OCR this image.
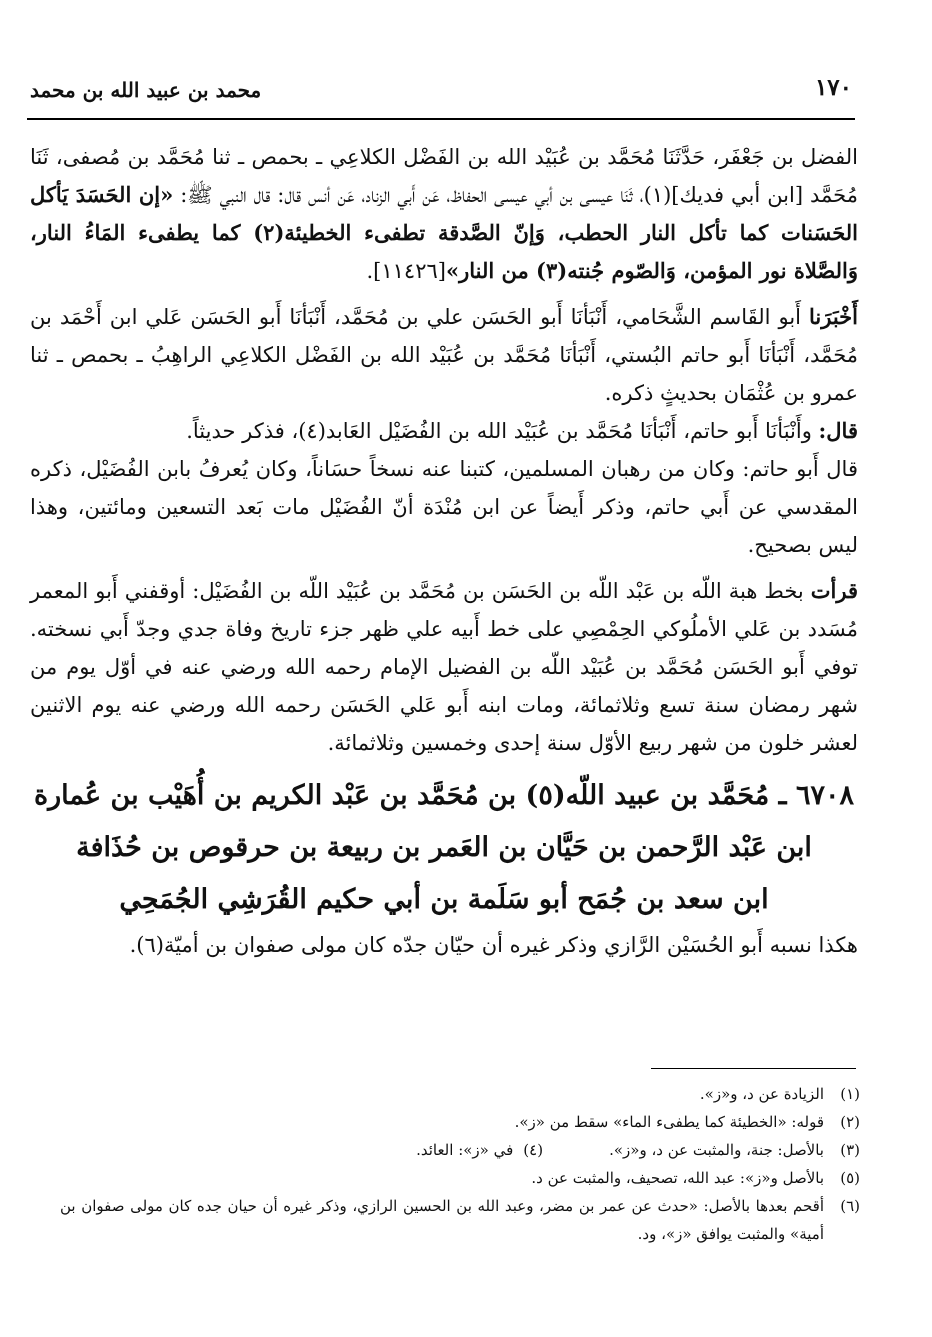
١٧٠
محمد بن عبيد الله بن محمد

الفضل بن جَعْفَر، حَدَّثَنَا مُحَمَّد بن عُبَيْد الله بن الفَضْل الكلاعِي ـ بحمص ـ ثنا مُحَمَّد بن مُصفى، ثَنَا مُحَمَّد [ابن أبي فديك](١)، ثَنَا عيسى بن أبي عيسى الحفاظ، عَن أَبي الزناد، عَن أنس قال: قال النبي ﷺ: «إن الحَسَدَ يَأكل الحَسَنات كما تأكل النار الحطب، وَإنّ الصَّدقة تطفىء الخطيئة(٢) كما يطفىء المَاءُ النار، وَالصَّلاة نور المؤمن، وَالصّوم جُنته(٣) من النار»[١١٤٢٦].

أَخْبَرَنا أَبو القَاسم الشَّحَامي، أَنْبَأنَا أَبو الحَسَن علي بن مُحَمَّد، أَنْبَأنَا أَبو الحَسَن عَلي ابن أَحْمَد بن مُحَمَّد، أَنْبَأنَا أَبو حاتم البُستي، أَنْبَأنَا مُحَمَّد بن عُبَيْد الله بن الفَضْل الكلاعِي الراهِبُ ـ بحمص ـ ثنا عمرو بن عُثْمَان بحديثٍ ذكره.

قال: وأَنْبَأنَا أَبو حاتم، أَنْبَأنَا مُحَمَّد بن عُبَيْد الله بن الفُضَيْل العَابد(٤)، فذكر حديثاً.

قال أَبو حاتم: وكان من رهبان المسلمين، كتبنا عنه نسخاً حسَاناً، وكان يُعرفُ بابن الفُضَيْل، ذكره المقدسي عن أَبي حاتم، وذكر أَيضاً عن ابن مُنْدَة أنّ الفُضَيْل مات بَعد التسعين ومائتين، وهذا ليس بصحيح.

قرأت بخط هبة اللّه بن عَبْد اللّه بن الحَسَن بن مُحَمَّد بن عُبَيْد اللّه بن الفُضَيْل: أوقفني أَبو المعمر مُسَدد بن عَلي الأملُوكي الحِمْصِي على خط أَبيه علي ظهر جزء تاريخ وفاة جدي وجدّ أَبي نسخته. توفي أَبو الحَسَن مُحَمَّد بن عُبَيْد اللّه بن الفضيل الإمام رحمه الله ورضي عنه في أوّل يوم من شهر رمضان سنة تسع وثلاثمائة، ومات ابنه أَبو عَلي الحَسَن رحمه الله ورضي عنه يوم الاثنين لعشر خلون من شهر ربيع الأوّل سنة إحدى وخمسين وثلاثمائة.

٦٧٠٨ ـ مُحَمَّد بن عبيد اللّه(٥) بن مُحَمَّد بن عَبْد الكريم بن أُهَيْب بن عُمارة
ابن عَبْد الرَّحمن بن حَيَّان بن العَمر بن ربيعة بن حرقوص بن حُذَافة
ابن سعد بن جُمَح أبو سَلَمة بن أبي حكيم القُرَشِي الجُمَحِي

هكذا نسبه أَبو الحُسَيْن الرَّازي وذكر غيره أن حيّان جدّه كان مولى صفوان بن أميّة(٦).

(١)
الزيادة عن د، و«ز».
(٢)
قوله: «الخطيئة كما يطفىء الماء» سقط من «ز».
(٣)
بالأصل: جنة، والمثبت عن د، و«ز».
(٤)
في «ز»: العائد.
(٥)
بالأصل و«ز»: عبد الله، تصحيف، والمثبت عن د.
(٦)
أقحم بعدها بالأصل: «حدث عن عمر بن مضر، وعبد الله بن الحسين الرازي، وذكر غيره أن حيان جده كان مولى صفوان بن أمية» والمثبت يوافق «ز»، ود.
